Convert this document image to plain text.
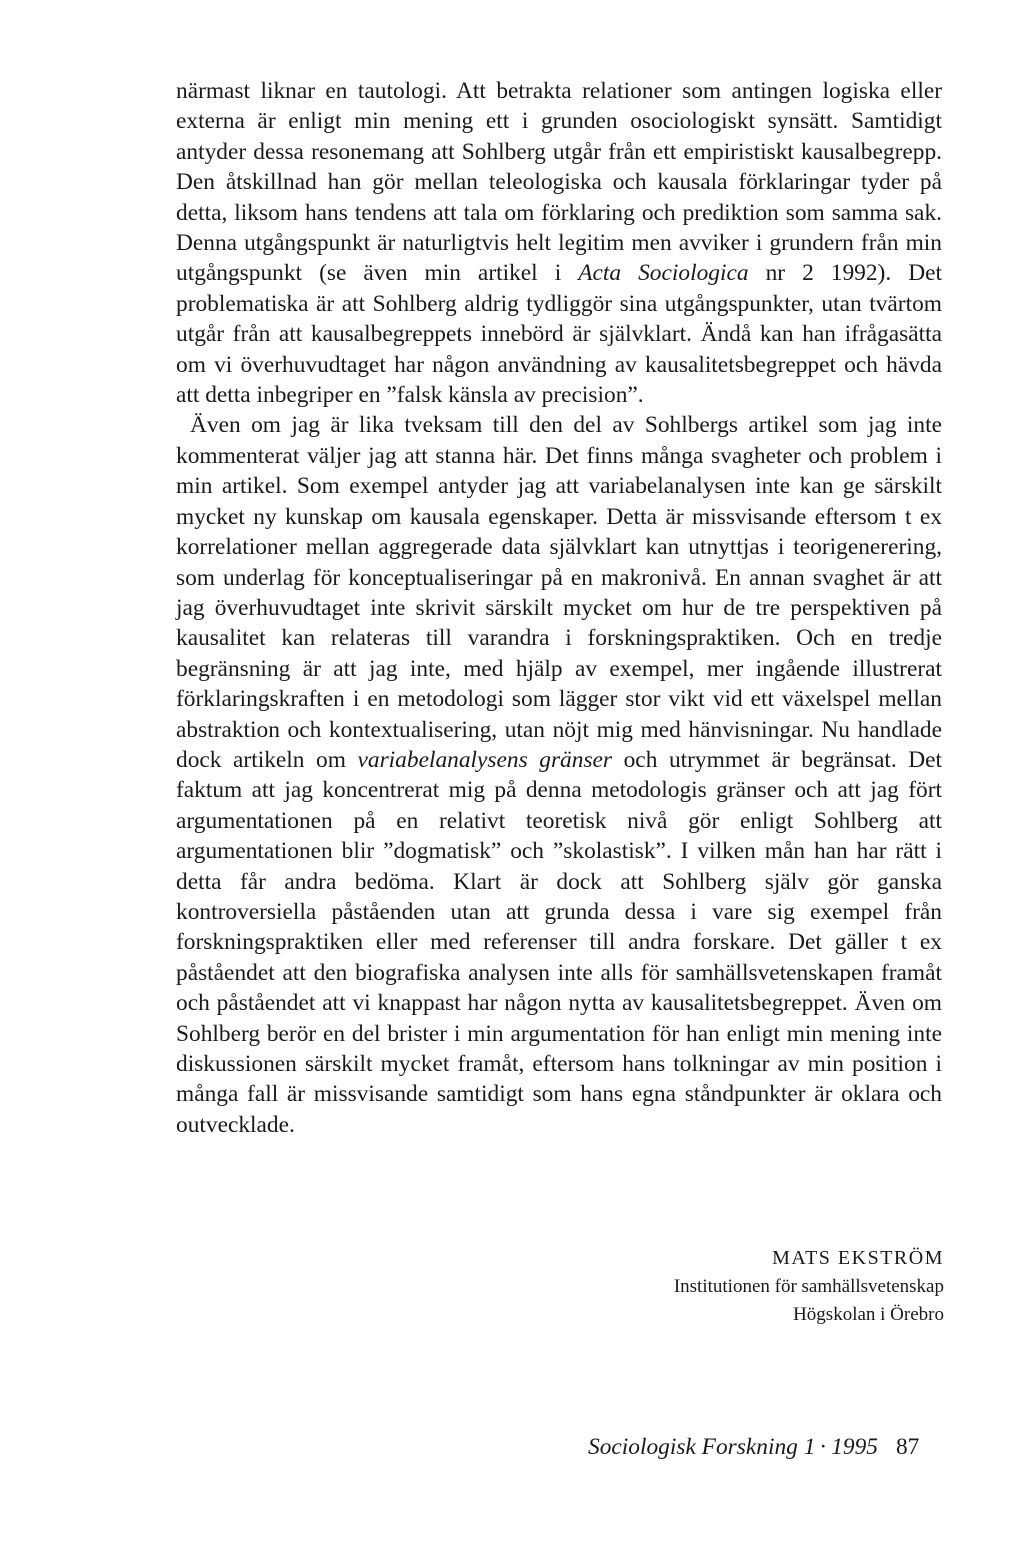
närmast liknar en tautologi. Att betrakta relationer som antingen logiska eller externa är enligt min mening ett i grunden osociologiskt synsätt. Samtidigt antyder dessa resonemang att Sohlberg utgår från ett empiristiskt kausalbegrepp. Den åtskillnad han gör mellan teleologiska och kausala förklaringar tyder på detta, liksom hans tendens att tala om förklaring och prediktion som samma sak. Denna utgångspunkt är naturligtvis helt legitim men avviker i grundern från min utgångspunkt (se även min artikel i Acta Sociologica nr 2 1992). Det problematiska är att Sohlberg aldrig tydliggör sina utgångspunkter, utan tvärtom utgår från att kausalbegreppets innebörd är självklart. Ändå kan han ifrågasätta om vi överhuvudtaget har någon användning av kausalitetsbegreppet och hävda att detta inbegriper en ”falsk känsla av precision”.

Även om jag är lika tveksam till den del av Sohlbergs artikel som jag inte kommenterat väljer jag att stanna här. Det finns många svagheter och problem i min artikel. Som exempel antyder jag att variabelanalysen inte kan ge särskilt mycket ny kunskap om kausala egenskaper. Detta är missvisande eftersom t ex korrelationer mellan aggregerade data självklart kan utnyttjas i teorigenerering, som underlag för konceptualiseringar på en makronivå. En annan svaghet är att jag överhuvudtaget inte skrivit särskilt mycket om hur de tre perspektiven på kausalitet kan relateras till varandra i forskningspraktiken. Och en tredje begränsning är att jag inte, med hjälp av exempel, mer ingående illustrerat förklaringskraften i en metodologi som lägger stor vikt vid ett växelspel mellan abstraktion och kontextualisering, utan nöjt mig med hänvisningar. Nu handlade dock artikeln om variabelanalysens gränser och utrymmet är begränsat. Det faktum att jag koncentrerat mig på denna metodologis gränser och att jag fört argumentationen på en relativt teoretisk nivå gör enligt Sohlberg att argumentationen blir ”dogmatisk” och ”skolastisk”. I vilken mån han har rätt i detta får andra bedöma. Klart är dock att Sohlberg själv gör ganska kontroversiella påståenden utan att grunda dessa i vare sig exempel från forskningspraktiken eller med referenser till andra forskare. Det gäller t ex påståendet att den biografiska analysen inte alls för samhällsvetenskapen framåt och påståendet att vi knappast har någon nytta av kausalitetsbegreppet. Även om Sohlberg berör en del brister i min argumentation för han enligt min mening inte diskussionen särskilt mycket framåt, eftersom hans tolkningar av min position i många fall är missvisande samtidigt som hans egna ståndpunkter är oklara och outvecklade.

MATS EKSTRÖM
Institutionen för samhällsvetenskap
Högskolan i Örebro
Sociologisk Forskning 1 · 1995 87
